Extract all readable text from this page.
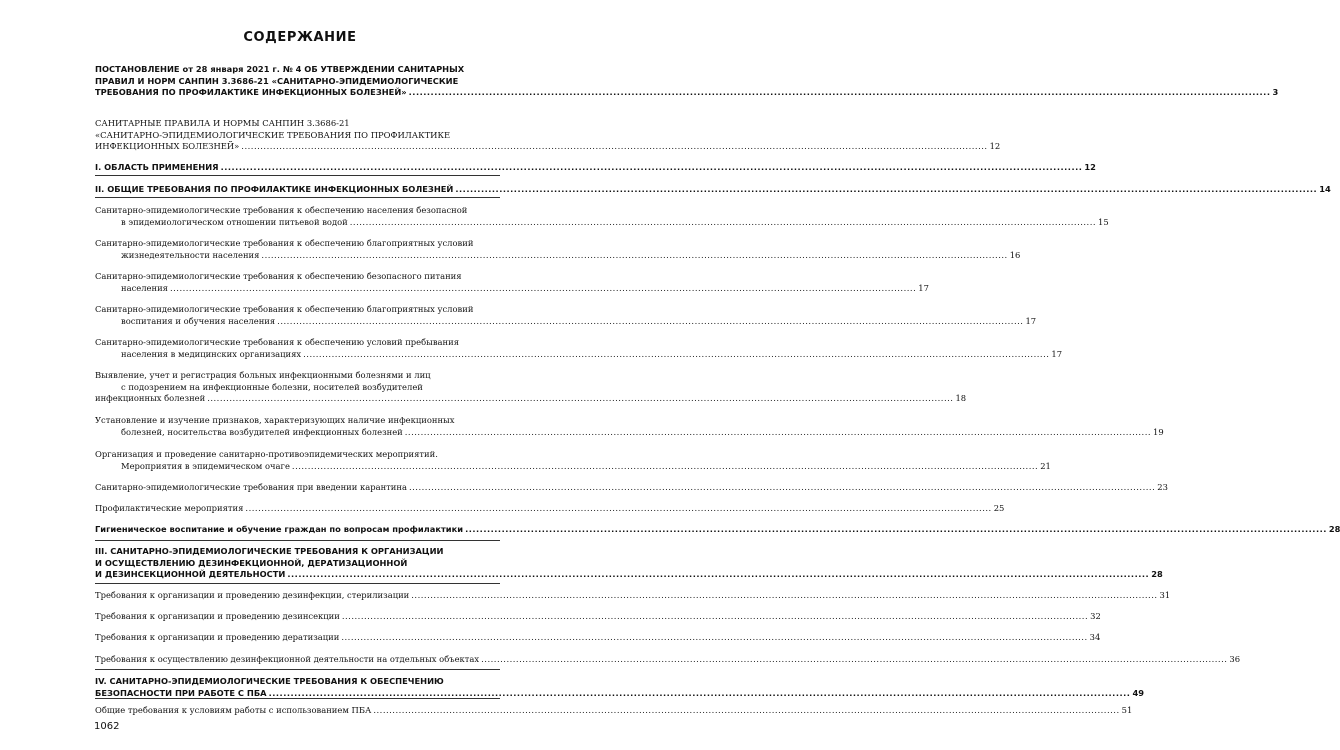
СОДЕРЖАНИЕ
ПОСТАНОВЛЕНИЕ от 28 января 2021 г. № 4 ОБ УТВЕРЖДЕНИИ САНИТАРНЫХ
ПРАВИЛ И НОРМ САНПИН 3.3686-21 «САНИТАРНО-ЭПИДЕМИОЛОГИЧЕСКИЕ
ТРЕБОВАНИЯ ПО ПРОФИЛАКТИКЕ ИНФЕКЦИОННЫХ БОЛЕЗНЕЙ» .....	3
САНИТАРНЫЕ ПРАВИЛА И НОРМЫ САНПИН 3.3686-21
«САНИТАРНО-ЭПИДЕМИОЛОГИЧЕСКИЕ ТРЕБОВАНИЯ ПО ПРОФИЛАКТИКЕ
ИНФЕКЦИОННЫХ БОЛЕЗНЕЙ» .....	12
I. ОБЛАСТЬ ПРИМЕНЕНИЯ .....	12
II. ОБЩИЕ ТРЕБОВАНИЯ ПО ПРОФИЛАКТИКЕ ИНФЕКЦИОННЫХ БОЛЕЗНЕЙ .....	14
Санитарно-эпидемиологические требования к обеспечению населения безопасной
в эпидемиологическом отношении питьевой водой .....	15
Санитарно-эпидемиологические требования к обеспечению благоприятных условий
жизнедеятельности населения .....	16
Санитарно-эпидемиологические требования к обеспечению безопасного питания
населения .....	17
Санитарно-эпидемиологические требования к обеспечению благоприятных условий
воспитания и обучения населения .....	17
Санитарно-эпидемиологические требования к обеспечению условий пребывания
населения в медицинских организациях .....	17
Выявление, учет и регистрация больных инфекционными болезнями и лиц
с подозрением на инфекционные болезни, носителей возбудителей
инфекционных болезней .....	18
Установление и изучение признаков, характеризующих наличие инфекционных
болезней, носительства возбудителей инфекционных болезней .....	19
Организация и проведение санитарно-противоэпидемических мероприятий.
Мероприятия в эпидемическом очаге .....	21
Санитарно-эпидемиологические требования при введении карантина .....	23
Профилактические мероприятия .....	25
Гигиеническое воспитание и обучение граждан по вопросам профилактики .....	28
III. САНИТАРНО-ЭПИДЕМИОЛОГИЧЕСКИЕ ТРЕБОВАНИЯ К ОРГАНИЗАЦИИ
И ОСУЩЕСТВЛЕНИЮ ДЕЗИНФЕКЦИОННОЙ, ДЕРАТИЗАЦИОННОЙ
И ДЕЗИНСЕКЦИОННОЙ ДЕЯТЕЛЬНОСТИ .....	28
Требования к организации и проведению дезинфекции, стерилизации .....	31
Требования к организации и проведению дезинсекции .....	32
Требования к организации и проведению дератизации .....	34
Требования к осуществлению дезинфекционной деятельности на отдельных объектах .....	36
IV. САНИТАРНО-ЭПИДЕМИОЛОГИЧЕСКИЕ ТРЕБОВАНИЯ К ОБЕСПЕЧЕНИЮ
БЕЗОПАСНОСТИ ПРИ РАБОТЕ С ПБА .....	49
Общие требования к условиям работы с использованием ПБА .....	51
1062
